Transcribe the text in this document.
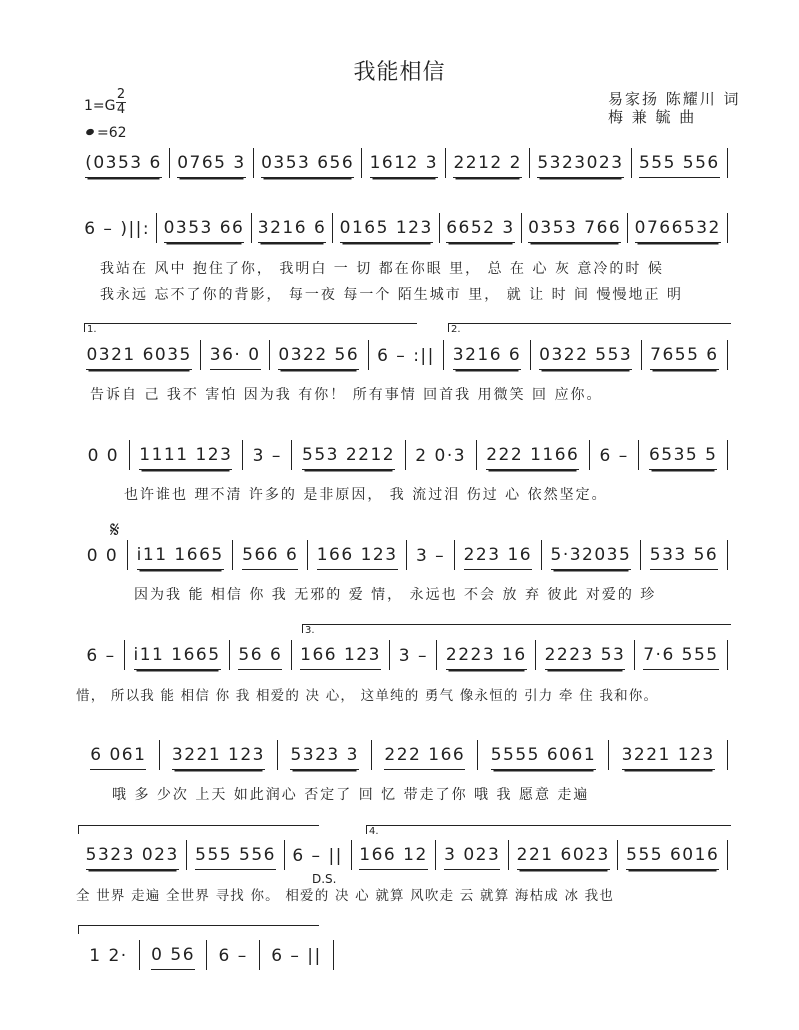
我能相信
易家扬 陈耀川 词
梅 兼 毓 曲
1=G
2
4
=62
(0353 6 0765 3 0353 656 1612 3 2212 2 5323023 555 556
6 – )||: 0353 66 3216 6 0165 123 6652 3 0353 766 0766532
我站在 风中 抱住了你， 我明白 一 切 都在你眼 里， 总 在 心 灰 意冷的时 候
我永远 忘不了你的背影， 每一夜 每一个 陌生城市 里， 就 让 时 间 慢慢地正 明
1.	2.
0321 6035 36· 0 0322 56 6 – :|| 3216 6 0322 553 7655 6
告诉自 己 我不 害怕 因为我 有你！ 所有事情 回首我 用微笑 回 应你。
0 0 1111 123 3 – 553 2212 2 0·3 222 1166 6 – 6535 5
也许谁也 理不清 许多的 是非原因， 我 流过泪 伤过 心 依然坚定。
𝄋
0 0 i11 1665 566 6 166 123 3 – 223 16 5·32035 533 56
因为我 能 相信 你 我 无邪的 爱 情， 永远也 不会 放 弃 彼此 对爱的 珍
3.
6 – i11 1665 56 6 166 123 3 – 2223 16 2223 53 7·6 555
惜， 所以我 能 相信 你 我 相爱的 决 心， 这单纯的 勇气 像永恒的 引力 牵 住 我和你。
6 061 3221 123 5323 3 222 166 5555 6061 3221 123
哦 多 少次 上天 如此润心 否定了 回 忆 带走了你 哦 我 愿意 走遍
4.
5323 023 555 556 6 – || 166 12 3 023 221 6023 555 6016
D.S.
全 世界 走遍 全世界 寻找 你。 相爱的 决 心 就算 风吹走 云 就算 海枯成 冰 我也
1 2· 0 56 6 – 6 – ||
